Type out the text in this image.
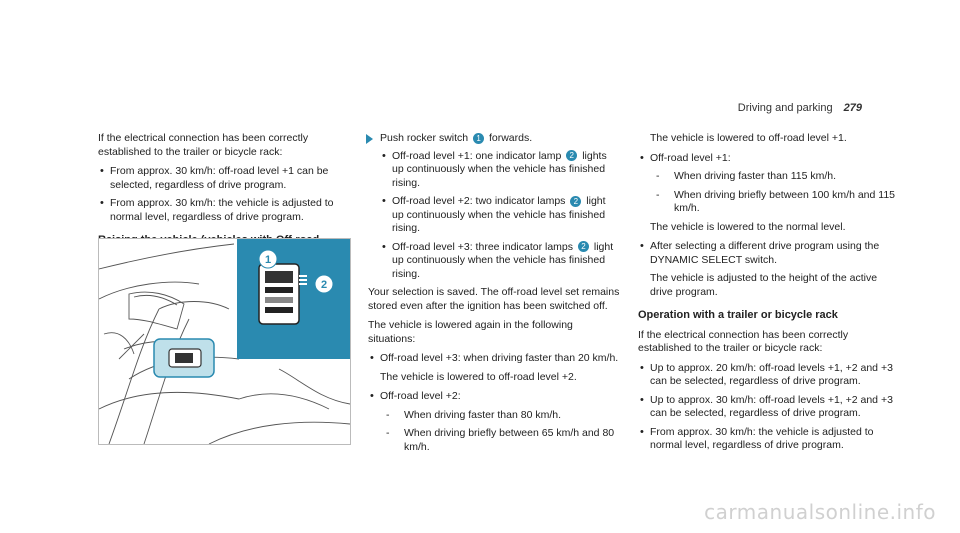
Driving and parking 279

If the electrical connection has been correctly established to the trailer or bicycle rack:

• From approx. 30 km/h: off-road level +1 can be selected, regardless of drive program.
• From approx. 30 km/h: the vehicle is adjusted to normal level, regardless of drive program.
1
2
Push rocker switch 1 forwards.
• Off-road level +1: one indicator lamp 2 lights up continuously when the vehicle has finished rising.
• Off-road level +2: two indicator lamps 2 light up continuously when the vehicle has finished rising.
• Off-road level +3: three indicator lamps 2 light up continuously when the vehicle has finished rising.

Your selection is saved. The off-road level set remains stored even after the ignition has been switched off.

The vehicle is lowered again in the following situations:

• Off-road level +3: when driving faster than 20 km/h.

The vehicle is lowered to off-road level +2.

• Off-road level +2:
- When driving faster than 80 km/h.
- When driving briefly between 65 km/h and 80 km/h.

The vehicle is lowered to off-road level +1.

• Off-road level +1:
- When driving faster than 115 km/h.
- When driving briefly between 100 km/h and 115 km/h.

The vehicle is lowered to the normal level.

• After selecting a different drive program using the DYNAMIC SELECT switch.

The vehicle is adjusted to the height of the active drive program.

Operation with a trailer or bicycle rack

If the electrical connection has been correctly established to the trailer or bicycle rack:

• Up to approx. 20 km/h: off-road levels +1, +2 and +3 can be selected, regardless of drive program.
• Up to approx. 30 km/h: off-road levels +1, +2 and +3 can be selected, regardless of drive program.
• From approx. 30 km/h: the vehicle is adjusted to normal level, regardless of drive program.
carmanualsonline.info
